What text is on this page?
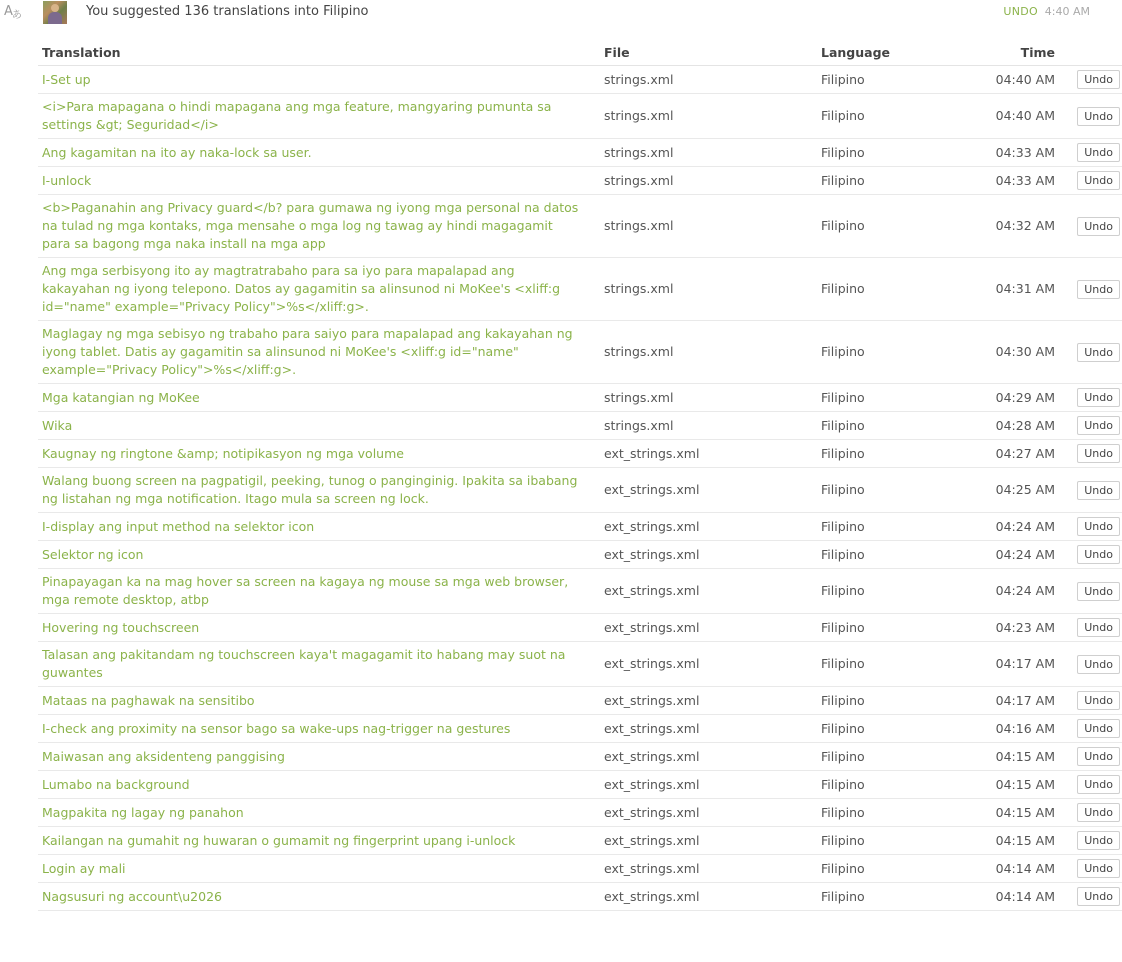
$A_あ$	You suggested 136 translations into Filipino	UNDO 4:40 AM
Translation	File	Language	Time	
I-Set up	strings.xml	Filipino	04:40 AM	Undo
<i>Para mapagana o hindi mapagana ang mga feature, mangyaring pumunta sa settings &gt; Seguridad</i>	strings.xml	Filipino	04:40 AM	Undo
Ang kagamitan na ito ay naka-lock sa user.	strings.xml	Filipino	04:33 AM	Undo
I-unlock	strings.xml	Filipino	04:33 AM	Undo
<b>Paganahin ang Privacy guard</b? para gumawa ng iyong mga personal na datos na tulad ng mga kontaks, mga mensahe o mga log ng tawag ay hindi magagamit para sa bagong mga naka install na mga app	strings.xml	Filipino	04:32 AM	Undo
Ang mga serbisyong ito ay magtratrabaho para sa iyo para mapalapad ang kakayahan ng iyong telepono. Datos ay gagamitin sa alinsunod ni MoKee's <xliff:g id="name" example="Privacy Policy">%s</xliff:g>.	strings.xml	Filipino	04:31 AM	Undo
Maglagay ng mga sebisyo ng trabaho para saiyo para mapalapad ang kakayahan ng iyong tablet. Datis ay gagamitin sa alinsunod ni MoKee's <xliff:g id="name" example="Privacy Policy">%s</xliff:g>.	strings.xml	Filipino	04:30 AM	Undo
Mga katangian ng MoKee	strings.xml	Filipino	04:29 AM	Undo
Wika	strings.xml	Filipino	04:28 AM	Undo
Kaugnay ng ringtone &amp; notipikasyon ng mga volume	ext_strings.xml	Filipino	04:27 AM	Undo
Walang buong screen na pagpatigil, peeking, tunog o panginginig. Ipakita sa ibabang ng listahan ng mga notification. Itago mula sa screen ng lock.	ext_strings.xml	Filipino	04:25 AM	Undo
I-display ang input method na selektor icon	ext_strings.xml	Filipino	04:24 AM	Undo
Selektor ng icon	ext_strings.xml	Filipino	04:24 AM	Undo
Pinapayagan ka na mag hover sa screen na kagaya ng mouse sa mga web browser, mga remote desktop, atbp	ext_strings.xml	Filipino	04:24 AM	Undo
Hovering ng touchscreen	ext_strings.xml	Filipino	04:23 AM	Undo
Talasan ang pakitandam ng touchscreen kaya't magagamit ito habang may suot na guwantes	ext_strings.xml	Filipino	04:17 AM	Undo
Mataas na paghawak na sensitibo	ext_strings.xml	Filipino	04:17 AM	Undo
I-check ang proximity na sensor bago sa wake-ups nag-trigger na gestures	ext_strings.xml	Filipino	04:16 AM	Undo
Maiwasan ang aksidenteng panggising	ext_strings.xml	Filipino	04:15 AM	Undo
Lumabo na background	ext_strings.xml	Filipino	04:15 AM	Undo
Magpakita ng lagay ng panahon	ext_strings.xml	Filipino	04:15 AM	Undo
Kailangan na gumahit ng huwaran o gumamit ng fingerprint upang i-unlock	ext_strings.xml	Filipino	04:15 AM	Undo
Login ay mali	ext_strings.xml	Filipino	04:14 AM	Undo
Nagsusuri ng account\u2026	ext_strings.xml	Filipino	04:14 AM	Undo
